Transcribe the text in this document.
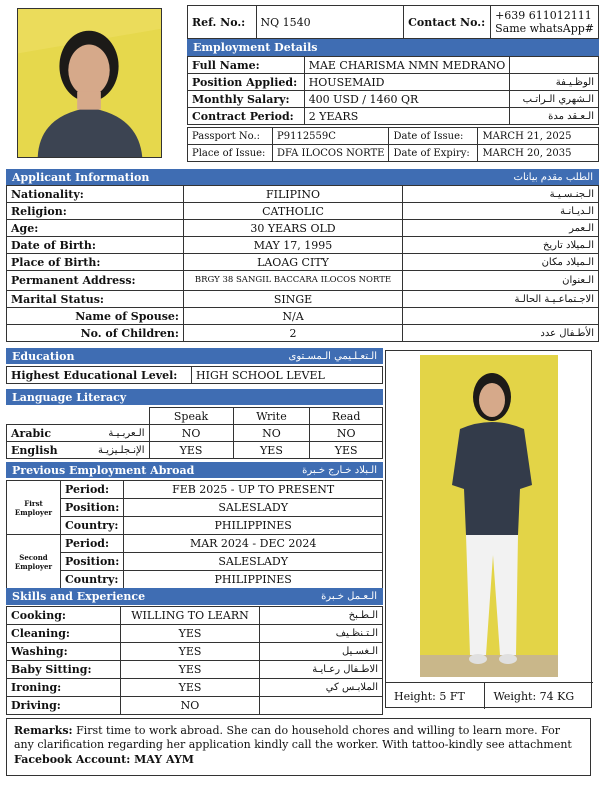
Ref. No.:	NQ 1540	Contact No.:	+639 611012111
Same whatsApp#
Employment Details
Full Name:	MAE CHARISMA NMN MEDRANO	
Position Applied:	HOUSEMAID	الوظـيـفة
Monthly Salary:	400 USD / 1460 QR	الـشهري الـراتـب
Contract Period:	2 YEARS	الـعـقد مدة
Passport No.:	P9112559C	Date of Issue:	MARCH 21, 2025
Place of Issue:	DFA ILOCOS NORTE	Date of Expiry:	MARCH 20, 2035
Applicant Information	الطلب مقدم بيانات
Nationality:	FILIPINO	الـجنـسـيـة
Religion:	CATHOLIC	الـديـانـة
Age:	30 YEARS OLD	الـعمر
Date of Birth:	MAY 17, 1995	الـميلاد تاريخ
Place of Birth:	LAOAG CITY	الـميلاد مكان
Permanent Address:	BRGY 38 SANGIL BACCARA ILOCOS NORTE	الـعنوان
Marital Status:	SINGE	الاجـتماعـيـة الحالـة
Name of Spouse:	N/A	
No. of Children:	2	الأطـفال عدد
Education	الـتعـلـيمي الـمسـتوى
Highest Educational Level:	HIGH SCHOOL LEVEL
Language Literacy
	Speak	Write	Read
Arabic الـعربـيـة	NO	NO	NO
English الإنـجلـيزيـة	YES	YES	YES
Previous Employment Abroad	الـبلاد خـارج خـبرة
First Employer	Period:	FEB 2025 - UP TO PRESENT
	Position:	SALESLADY
	Country:	PHILIPPINES
Second Employer	Period:	MAR 2024 - DEC 2024
	Position:	SALESLADY
	Country:	PHILIPPINES
Skills and Experience	الـعـمل خـبرة
Cooking:	WILLING TO LEARN	الـطـبخ
Cleaning:	YES	الـتـنظـيف
Washing:	YES	الـغسـيل
Baby Sitting:	YES	الاطـفال رعـايـة
Ironing:	YES	الملابـس كي
Driving:	NO	
Height:
5 FT	Weight:
74 KG
Remarks: First time to work abroad. She can do household chores and willing to learn more. For any clarification regarding her application kindly call the worker. With tattoo-kindly see attachment
Facebook Account: MAY AYM
